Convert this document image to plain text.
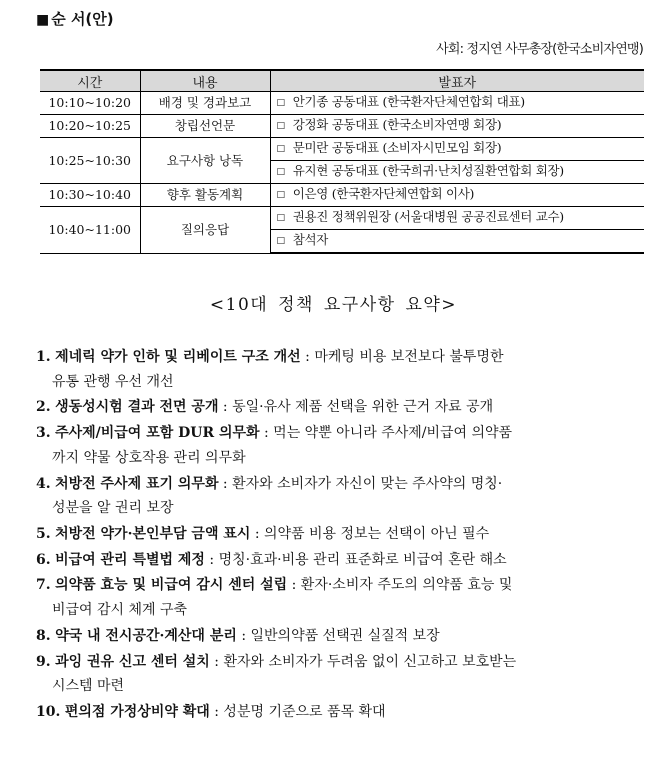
■ 순 서(안)
사회: 정지연 사무총장(한국소비자연맹)
시간	내용	발표자
10:10~10:20	배경 및 경과보고	□ 안기종 공동대표 (한국환자단체연합회 대표)
10:20~10:25	창립선언문	□ 강정화 공동대표 (한국소비자연맹 회장)
10:25~10:30	요구사항 낭독	□ 문미란 공동대표 (소비자시민모임 회장)
		□ 유지현 공동대표 (한국희귀·난치성질환연합회 회장)
10:30~10:40	향후 활동계획	□ 이은영 (한국환자단체연합회 이사)
10:40~11:00	질의응답	□ 권용진 정책위원장 (서울대병원 공공진료센터 교수)
		□ 참석자
<10대 정책 요구사항 요약>
1. 제네릭 약가 인하 및 리베이트 구조 개선 : 마케팅 비용 보전보다 불투명한
유통 관행 우선 개선
2. 생동성시험 결과 전면 공개 : 동일·유사 제품 선택을 위한 근거 자료 공개
3. 주사제/비급여 포함 DUR 의무화 : 먹는 약뿐 아니라 주사제/비급여 의약품
까지 약물 상호작용 관리 의무화
4. 처방전 주사제 표기 의무화 : 환자와 소비자가 자신이 맞는 주사약의 명칭·
성분을 알 권리 보장
5. 처방전 약가·본인부담 금액 표시 : 의약품 비용 정보는 선택이 아닌 필수
6. 비급여 관리 특별법 제정 : 명칭·효과·비용 관리 표준화로 비급여 혼란 해소
7. 의약품 효능 및 비급여 감시 센터 설립 : 환자·소비자 주도의 의약품 효능 및
비급여 감시 체계 구축
8. 약국 내 전시공간·계산대 분리 : 일반의약품 선택권 실질적 보장
9. 과잉 권유 신고 센터 설치 : 환자와 소비자가 두려움 없이 신고하고 보호받는
시스템 마련
10. 편의점 가정상비약 확대 : 성분명 기준으로 품목 확대
